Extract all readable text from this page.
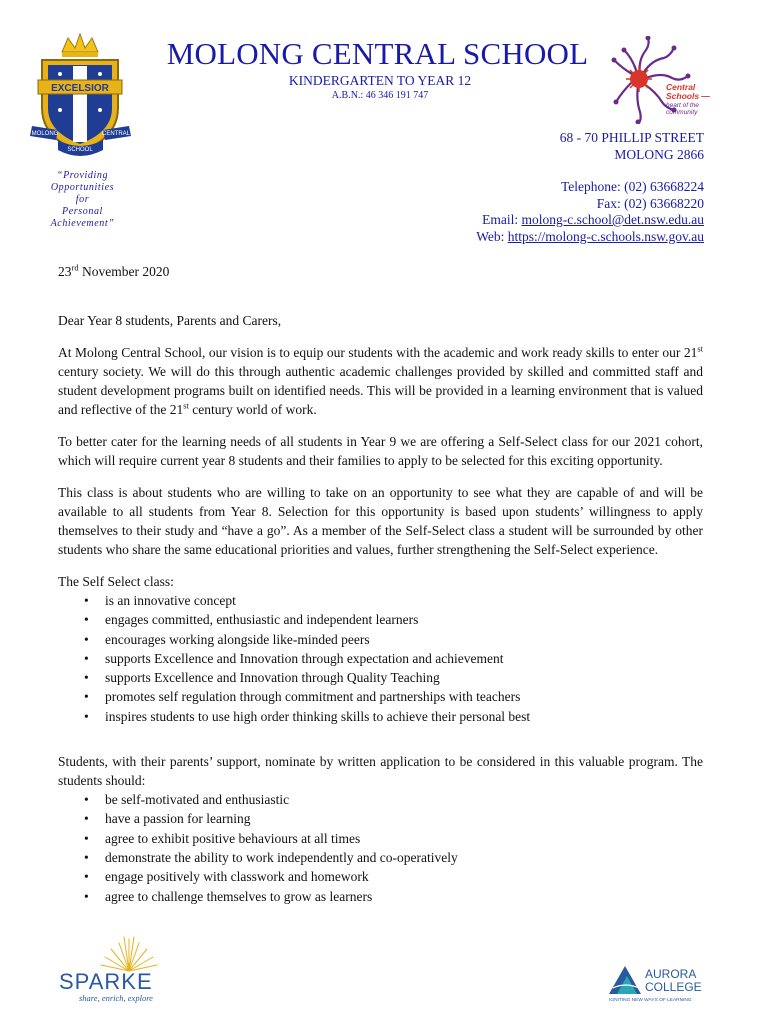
EXCELSIOR
MOLONG	CENTRAL
SCHOOL
MOLONG CENTRAL SCHOOL
KINDERGARTEN TO YEAR 12
A.B.N.: 46 346 191 747
Central
Schools —
heart of the
community
“Providing
Opportunities
for
Personal
Achievement”
68 - 70 PHILLIP STREET
MOLONG 2866
Telephone: (02) 63668224
Fax: (02) 63668220
Email: molong-c.school@det.nsw.edu.au
Web: https://molong-c.schools.nsw.gov.au

23rd November 2020

Dear Year 8 students, Parents and Carers,

At Molong Central School, our vision is to equip our students with the academic and work ready skills to enter our 21st century society. We will do this through authentic academic challenges provided by skilled and committed staff and student development programs built on identified needs. This will be provided in a learning environment that is valued and reflective of the 21st century world of work.

To better cater for the learning needs of all students in Year 9 we are offering a Self-Select class for our 2021 cohort, which will require current year 8 students and their families to apply to be selected for this exciting opportunity.

This class is about students who are willing to take on an opportunity to see what they are capable of and will be available to all students from Year 8. Selection for this opportunity is based upon students’ willingness to apply themselves to their study and “have a go”. As a member of the Self-Select class a student will be surrounded by other students who share the same educational priorities and values, further strengthening the Self-Select experience.

The Self Select class:

• is an innovative concept
• engages committed, enthusiastic and independent learners
• encourages working alongside like-minded peers
• supports Excellence and Innovation through expectation and achievement
• supports Excellence and Innovation through Quality Teaching
• promotes self regulation through commitment and partnerships with teachers
• inspires students to use high order thinking skills to achieve their personal best

Students, with their parents’ support, nominate by written application to be considered in this valuable program. The students should:

• be self-motivated and enthusiastic
• have a passion for learning
• agree to exhibit positive behaviours at all times
• demonstrate the ability to work independently and co-operatively
• engage positively with classwork and homework
• agree to challenge themselves to grow as learners
SPARKE
share, enrich, explore
AURORA
COLLEGE
IGNITING NEW WAYS OF LEARNING
